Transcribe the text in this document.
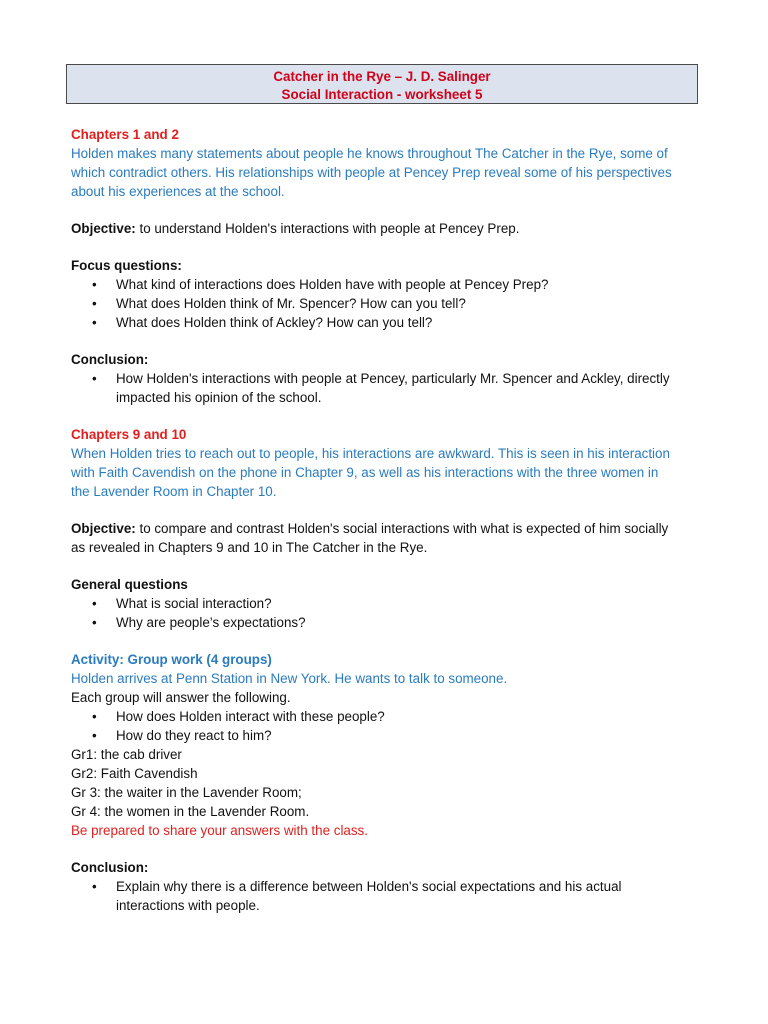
Catcher in the Rye – J. D. Salinger
Social Interaction - worksheet 5
Chapters 1 and 2
Holden makes many statements about people he knows throughout The Catcher in the Rye, some of
which contradict others. His relationships with people at Pencey Prep reveal some of his perspectives
about his experiences at the school.
Objective: to understand Holden's interactions with people at Pencey Prep.
Focus questions:
• What kind of interactions does Holden have with people at Pencey Prep?
• What does Holden think of Mr. Spencer? How can you tell?
• What does Holden think of Ackley? How can you tell?
Conclusion:
• How Holden's interactions with people at Pencey, particularly Mr. Spencer and Ackley, directly
impacted his opinion of the school.
Chapters 9 and 10
When Holden tries to reach out to people, his interactions are awkward. This is seen in his interaction
with Faith Cavendish on the phone in Chapter 9, as well as his interactions with the three women in
the Lavender Room in Chapter 10.
Objective: to compare and contrast Holden's social interactions with what is expected of him socially
as revealed in Chapters 9 and 10 in The Catcher in the Rye.
General questions
• What is social interaction?
• Why are people’s expectations?
Activity: Group work (4 groups)
Holden arrives at Penn Station in New York. He wants to talk to someone.
Each group will answer the following.
• How does Holden interact with these people?
• How do they react to him?
Gr1: the cab driver
Gr2: Faith Cavendish
Gr 3: the waiter in the Lavender Room;
Gr 4: the women in the Lavender Room.
Be prepared to share your answers with the class.
Conclusion:
• Explain why there is a difference between Holden's social expectations and his actual
interactions with people.
